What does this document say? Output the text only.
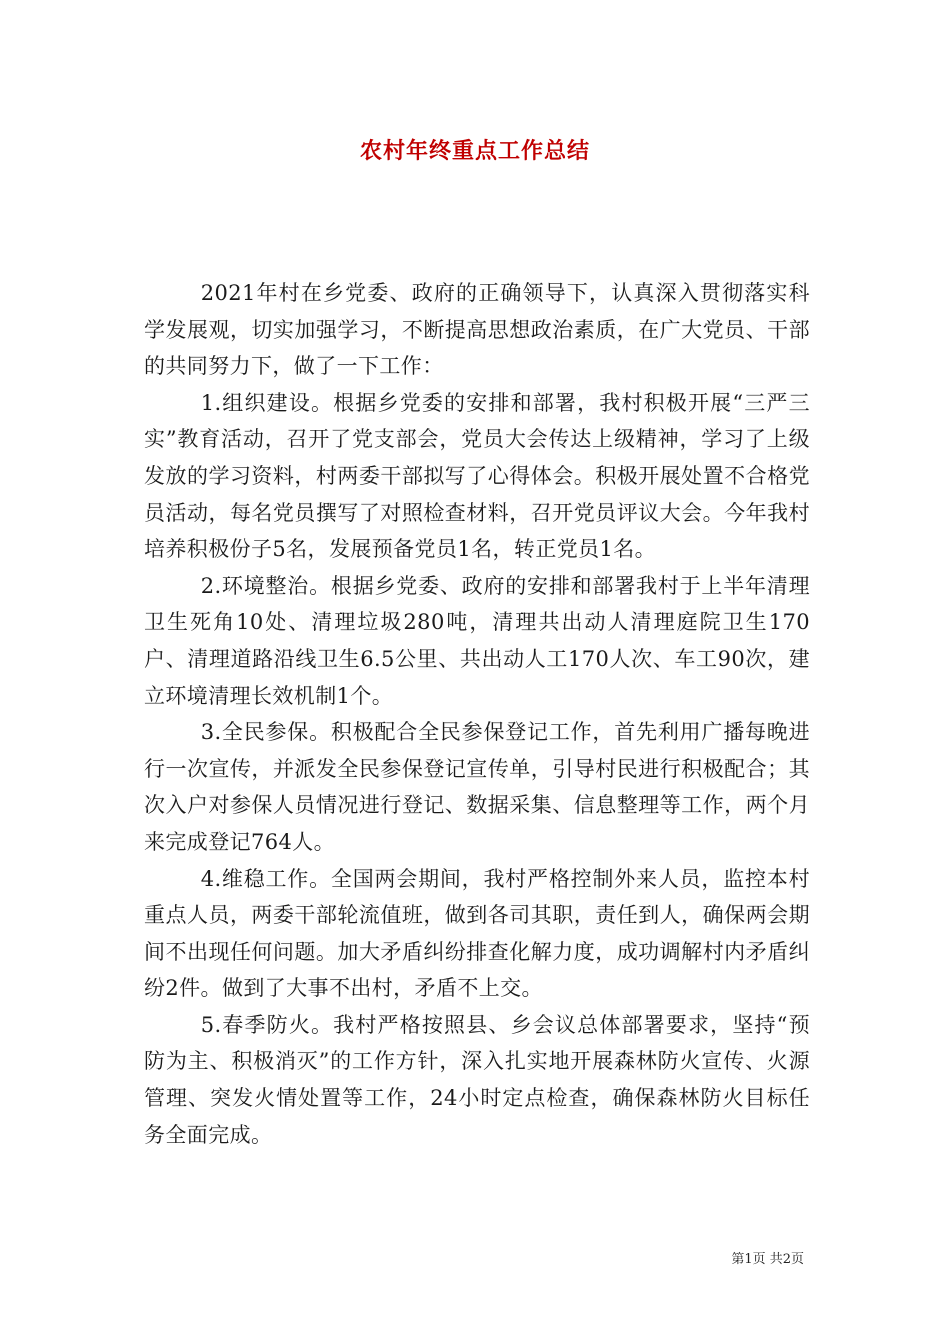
农村年终重点工作总结

2021年村在乡党委、政府的正确领导下，认真深入贯彻落实科学发展观，切实加强学习，不断提高思想政治素质，在广大党员、干部的共同努力下，做了一下工作：

1.组织建设。根据乡党委的安排和部署，我村积极开展“三严三实”教育活动，召开了党支部会，党员大会传达上级精神，学习了上级发放的学习资料，村两委干部拟写了心得体会。积极开展处置不合格党员活动，每名党员撰写了对照检查材料，召开党员评议大会。今年我村培养积极份子5名，发展预备党员1名，转正党员1名。

2.环境整治。根据乡党委、政府的安排和部署我村于上半年清理卫生死角10处、清理垃圾280吨，清理共出动人清理庭院卫生170户、清理道路沿线卫生6.5公里、共出动人工170人次、车工90次，建立环境清理长效机制1个。

3.全民参保。积极配合全民参保登记工作，首先利用广播每晚进行一次宣传，并派发全民参保登记宣传单，引导村民进行积极配合；其次入户对参保人员情况进行登记、数据采集、信息整理等工作，两个月来完成登记764人。

4.维稳工作。全国两会期间，我村严格控制外来人员，监控本村重点人员，两委干部轮流值班，做到各司其职，责任到人，确保两会期间不出现任何问题。加大矛盾纠纷排查化解力度，成功调解村内矛盾纠纷2件。做到了大事不出村，矛盾不上交。

5.春季防火。我村严格按照县、乡会议总体部署要求，坚持“预防为主、积极消灭”的工作方针，深入扎实地开展森林防火宣传、火源管理、突发火情处置等工作，24小时定点检查，确保森林防火目标任务全面完成。

第1页 共2页
